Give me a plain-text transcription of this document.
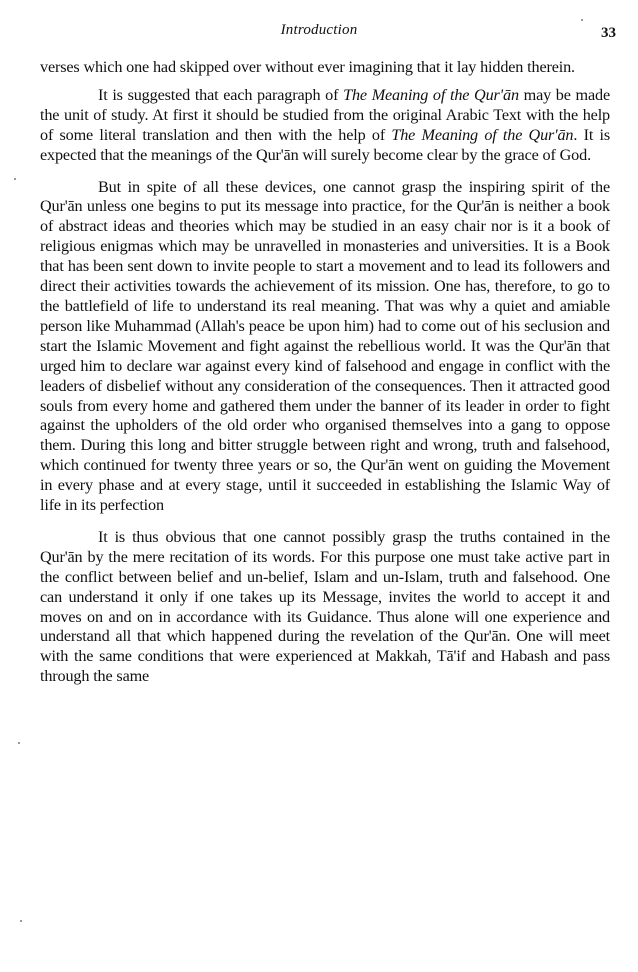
Introduction	33

verses which one had skipped over without ever imagining that it lay hidden therein.

It is suggested that each paragraph of The Meaning of the Qur'ān may be made the unit of study. At first it should be studied from the original Arabic Text with the help of some literal translation and then with the help of The Meaning of the Qur'ān. It is expected that the meanings of the Qur'ān will surely become clear by the grace of God.

But in spite of all these devices, one cannot grasp the inspiring spirit of the Qur'ān unless one begins to put its message into practice, for the Qur'ān is neither a book of abstract ideas and theories which may be studied in an easy chair nor is it a book of religious enigmas which may be unravelled in monasteries and universities. It is a Book that has been sent down to invite people to start a movement and to lead its followers and direct their activities towards the achievement of its mission. One has, therefore, to go to the battlefield of life to understand its real meaning. That was why a quiet and amiable person like Muhammad (Allah's peace be upon him) had to come out of his seclusion and start the Islamic Movement and fight against the rebellious world. It was the Qur'ān that urged him to declare war against every kind of falsehood and engage in conflict with the leaders of disbelief without any consideration of the consequences. Then it attracted good souls from every home and gathered them under the banner of its leader in order to fight against the upholders of the old order who organised themselves into a gang to oppose them. During this long and bitter struggle between right and wrong, truth and falsehood, which continued for twenty three years or so, the Qur'ān went on guiding the Movement in every phase and at every stage, until it succeeded in establishing the Islamic Way of life in its perfection

It is thus obvious that one cannot possibly grasp the truths contained in the Qur'ān by the mere recitation of its words. For this purpose one must take active part in the conflict between belief and un-belief, Islam and un-Islam, truth and falsehood. One can understand it only if one takes up its Message, invites the world to accept it and moves on and on in accordance with its Guidance. Thus alone will one experience and understand all that which happened during the revelation of the Qur'ān. One will meet with the same conditions that were experienced at Makkah, Tā'if and Habash and pass through the same
